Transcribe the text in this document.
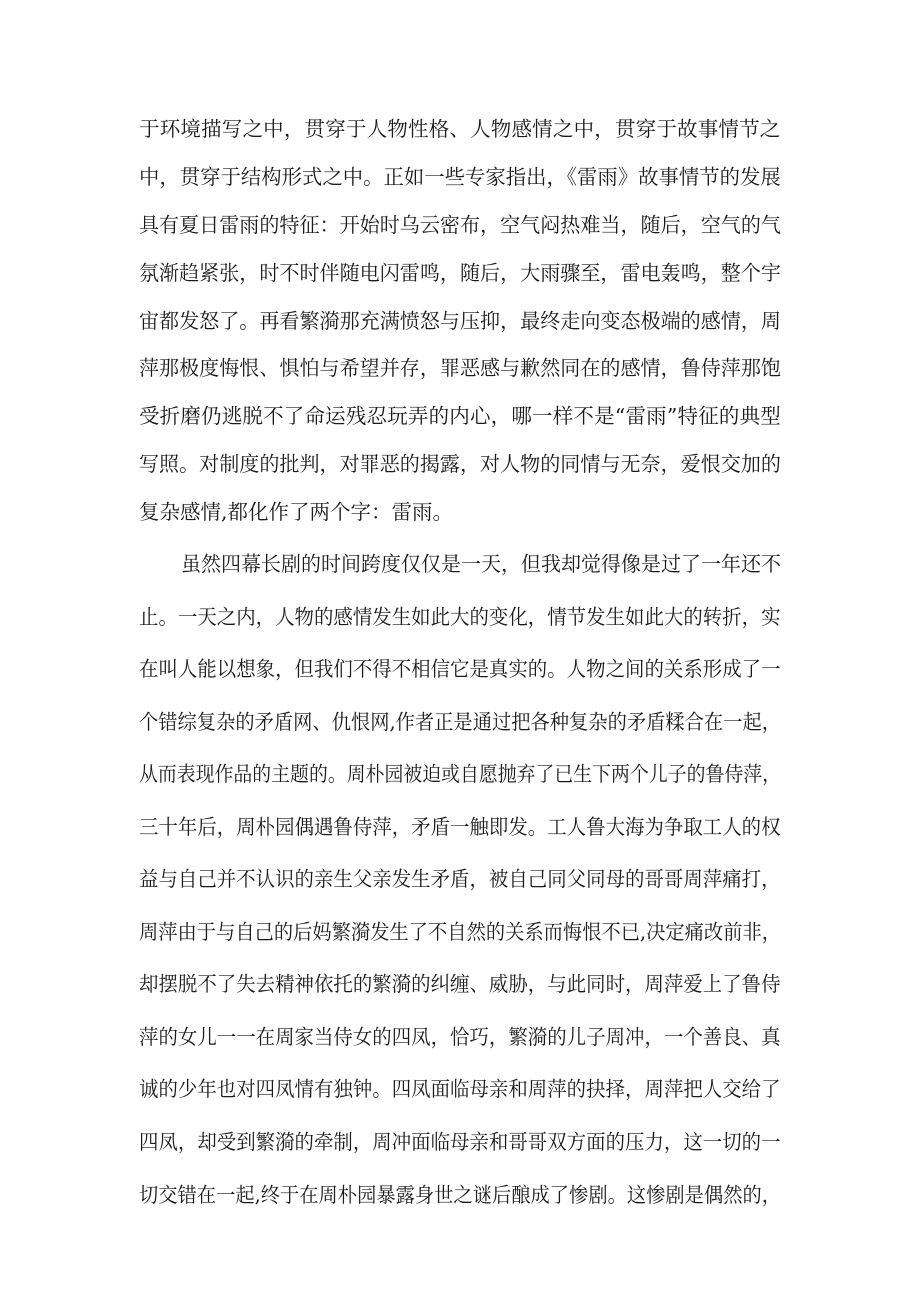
于环境描写之中，贯穿于人物性格、人物感情之中，贯穿于故事情节之
中，贯穿于结构形式之中。正如一些专家指出，《雷雨》故事情节的发展
具有夏日雷雨的特征：开始时乌云密布，空气闷热难当，随后，空气的气
氛渐趋紧张，时不时伴随电闪雷鸣，随后，大雨骤至，雷电轰鸣，整个宇
宙都发怒了。再看繁漪那充满愤怒与压抑，最终走向变态极端的感情，周
萍那极度悔恨、惧怕与希望并存，罪恶感与歉然同在的感情，鲁侍萍那饱
受折磨仍逃脱不了命运残忍玩弄的内心，哪一样不是“雷雨”特征的典型
写照。对制度的批判，对罪恶的揭露，对人物的同情与无奈，爱恨交加的
复杂感情,都化作了两个字：雷雨。
虽然四幕长剧的时间跨度仅仅是一天，但我却觉得像是过了一年还不
止。一天之内，人物的感情发生如此大的变化，情节发生如此大的转折，实
在叫人能以想象，但我们不得不相信它是真实的。人物之间的关系形成了一
个错综复杂的矛盾网、仇恨网,作者正是通过把各种复杂的矛盾糅合在一起，
从而表现作品的主题的。周朴园被迫或自愿抛弃了已生下两个儿子的鲁侍萍，
三十年后，周朴园偶遇鲁侍萍，矛盾一触即发。工人鲁大海为争取工人的权
益与自己并不认识的亲生父亲发生矛盾，被自己同父同母的哥哥周萍痛打，
周萍由于与自己的后妈繁漪发生了不自然的关系而悔恨不已,决定痛改前非，
却摆脱不了失去精神依托的繁漪的纠缠、威胁，与此同时，周萍爱上了鲁侍
萍的女儿一一在周家当侍女的四凤，恰巧，繁漪的儿子周冲，一个善良、真
诚的少年也对四凤情有独钟。四凤面临母亲和周萍的抉择，周萍把人交给了
四凤，却受到繁漪的牵制，周冲面临母亲和哥哥双方面的压力，这一切的一
切交错在一起,终于在周朴园暴露身世之谜后酿成了惨剧。这惨剧是偶然的，
